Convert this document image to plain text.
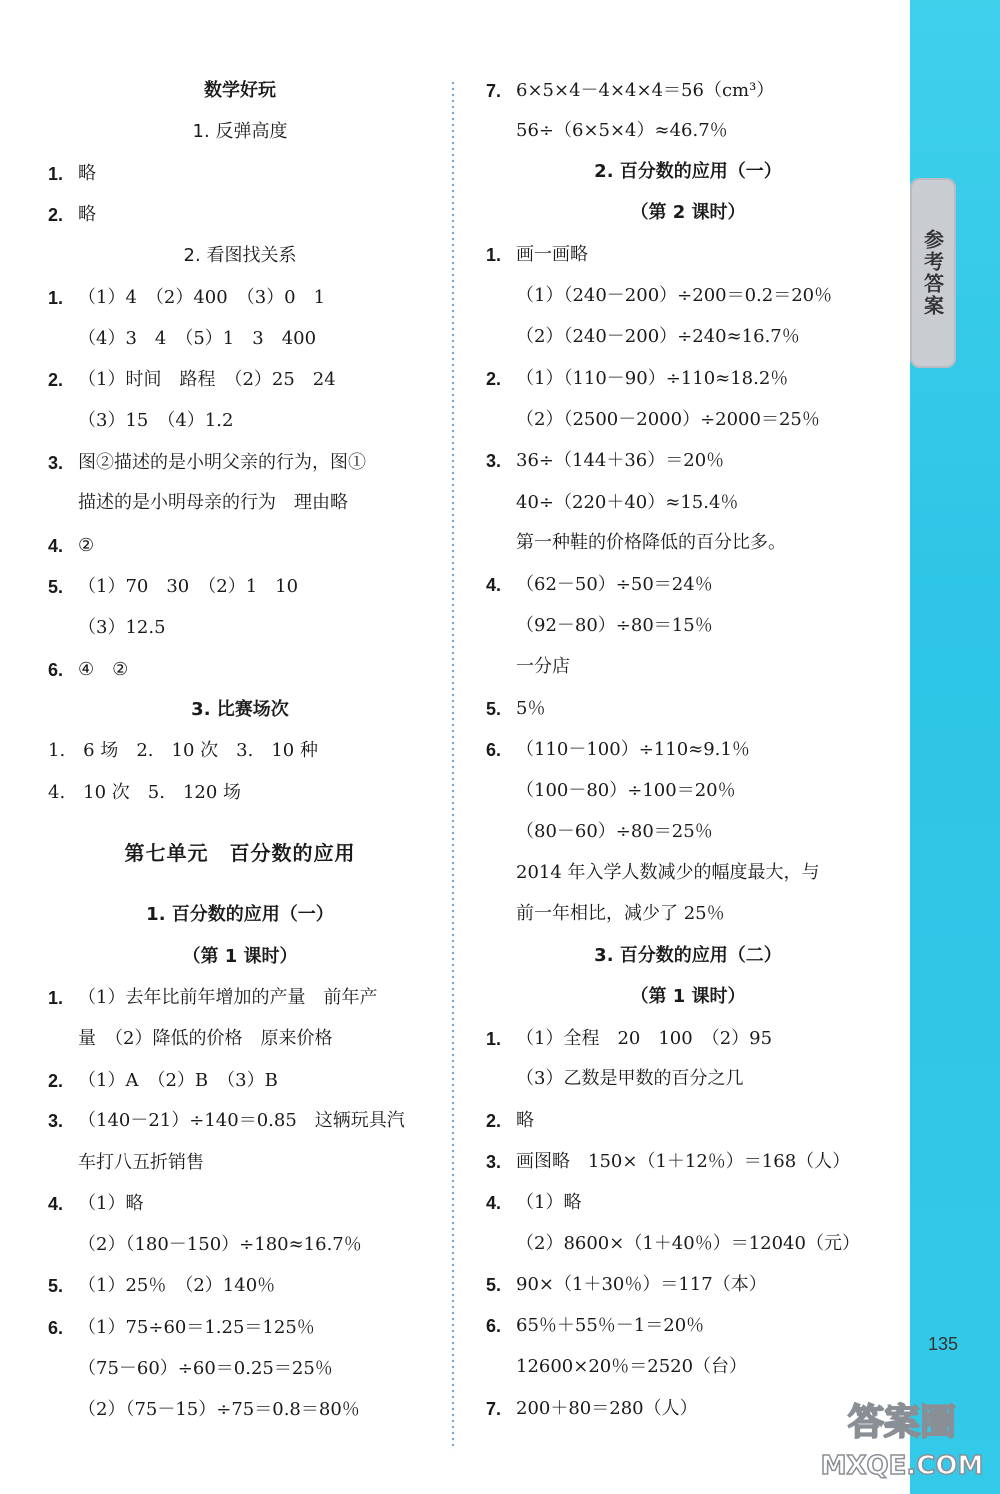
参考答案
数学好玩
1. 反弹高度
1. 略
2. 略
2. 看图找关系
1. （1）4　（2）400　（3）0　1
（4）3　4　（5）1　3　400
2. （1）时间　路程　（2）25　24
（3）15　（4）1.2
3. 图②描述的是小明父亲的行为，图①
描述的是小明母亲的行为　理由略
4. ②
5. （1）70　30　（2）1　10
（3）12.5
6. ④　②
3. 比赛场次
1.　6 场　2.　10 次　3.　10 种
4.　10 次　5.　120 场
第七单元　百分数的应用
1. 百分数的应用（一）
（第 1 课时）
1. （1）去年比前年增加的产量　前年产
量　（2）降低的价格　原来价格
2. （1）A　（2）B　（3）B
3. （140－21）÷140＝0.85　这辆玩具汽
车打八五折销售
4. （1）略
（2）（180－150）÷180≈16.7％
5. （1）25％　（2）140％
6. （1）75÷60＝1.25＝125％
（75－60）÷60＝0.25＝25％
（2）（75－15）÷75＝0.8＝80％
7. 6×5×4－4×4×4＝56（cm³）
56÷（6×5×4）≈46.7％
2. 百分数的应用（一）
（第 2 课时）
1. 画一画略
（1）（240－200）÷200＝0.2＝20％
（2）（240－200）÷240≈16.7％
2. （1）（110－90）÷110≈18.2％
（2）（2500－2000）÷2000＝25％
3. 36÷（144＋36）＝20％
40÷（220＋40）≈15.4％
第一种鞋的价格降低的百分比多。
4. （62－50）÷50＝24％
（92－80）÷80＝15％
一分店
5. 5％
6. （110－100）÷110≈9.1％
（100－80）÷100＝20％
（80－60）÷80＝25％
2014 年入学人数减少的幅度最大，与
前一年相比，减少了 25％
3. 百分数的应用（二）
（第 1 课时）
1. （1）全程　20　100　（2）95
（3）乙数是甲数的百分之几
2. 略
3. 画图略　150×（1＋12％）＝168（人）
4. （1）略
（2）8600×（1＋40％）＝12040（元）
5. 90×（1＋30％）＝117（本）
6. 65％＋55％－1＝20％
12600×20％＝2520（台）
7. 200＋80＝280（人）
135
答案圈
MXQE.COM
